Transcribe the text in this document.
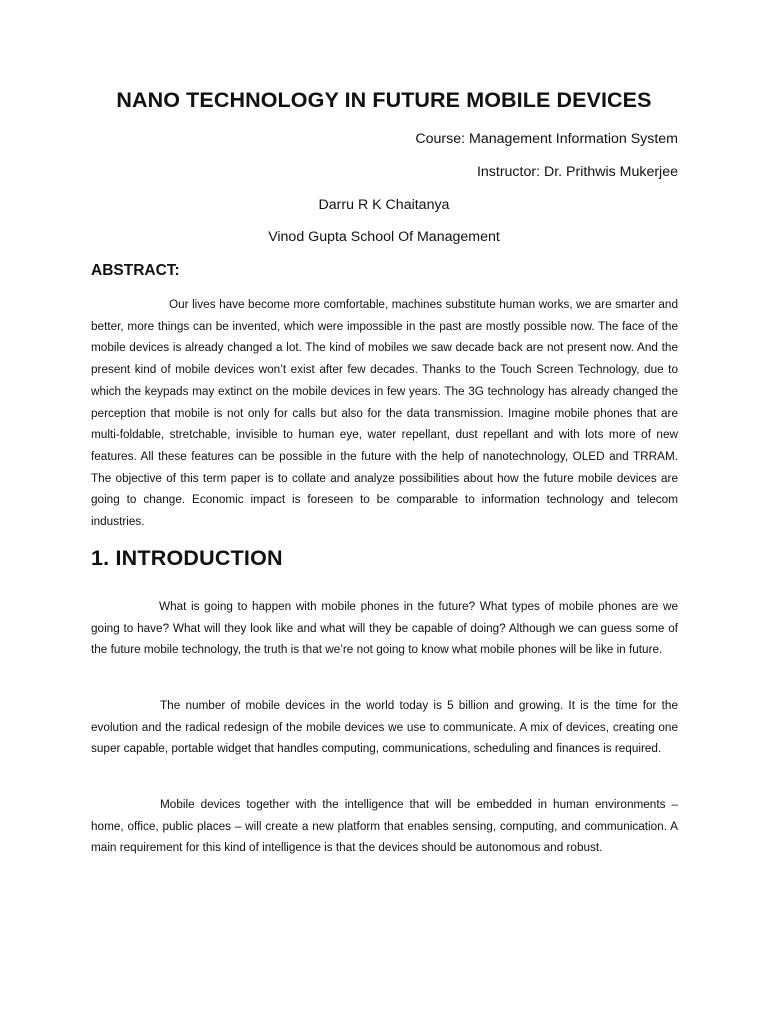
NANO TECHNOLOGY IN FUTURE MOBILE DEVICES

Course: Management Information System

Instructor: Dr. Prithwis Mukerjee

Darru R K Chaitanya

Vinod Gupta School Of Management

ABSTRACT:

Our lives have become more comfortable, machines substitute human works, we are smarter and better, more things can be invented, which were impossible in the past are mostly possible now. The face of the mobile devices is already changed a lot. The kind of mobiles we saw decade back are not present now. And the present kind of mobile devices won’t exist after few decades. Thanks to the Touch Screen Technology, due to which the keypads may extinct on the mobile devices in few years. The 3G technology has already changed the perception that mobile is not only for calls but also for the data transmission. Imagine mobile phones that are multi-foldable, stretchable, invisible to human eye, water repellant, dust repellant and with lots more of new features. All these features can be possible in the future with the help of nanotechnology, OLED and TRRAM. The objective of this term paper is to collate and analyze possibilities about how the future mobile devices are going to change. Economic impact is foreseen to be comparable to information technology and telecom industries.

1. INTRODUCTION

What is going to happen with mobile phones in the future? What types of mobile phones are we going to have? What will they look like and what will they be capable of doing? Although we can guess some of the future mobile technology, the truth is that we’re not going to know what mobile phones will be like in future.

The number of mobile devices in the world today is 5 billion and growing. It is the time for the evolution and the radical redesign of the mobile devices we use to communicate. A mix of devices, creating one super capable, portable widget that handles computing, communications, scheduling and finances is required.

Mobile devices together with the intelligence that will be embedded in human environments – home, office, public places – will create a new platform that enables sensing, computing, and communication. A main requirement for this kind of intelligence is that the devices should be autonomous and robust.
